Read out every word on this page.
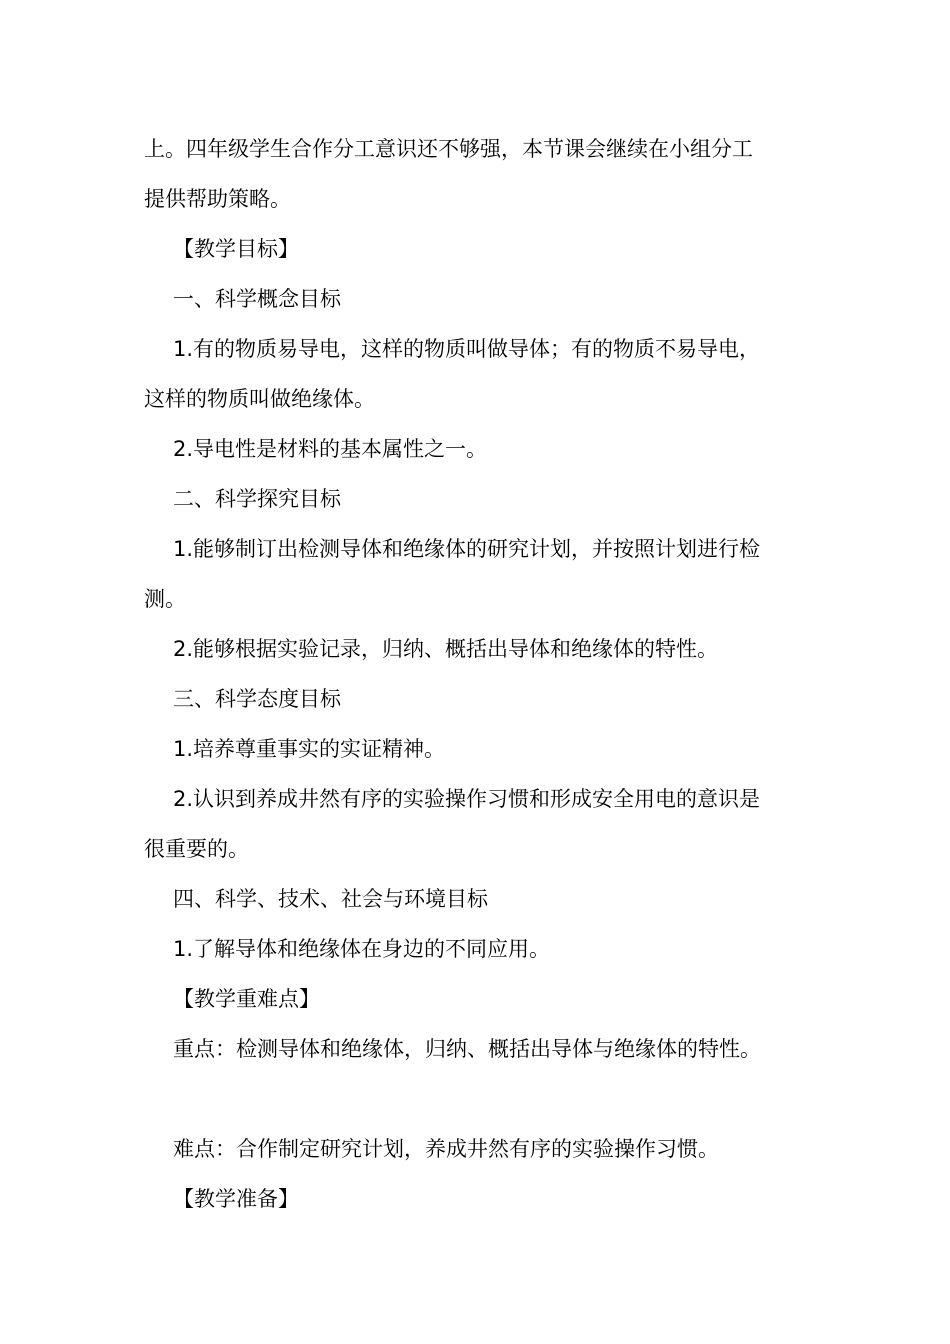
上。四年级学生合作分工意识还不够强，本节课会继续在小组分工
提供帮助策略。
【教学目标】
一、科学概念目标
1.有的物质易导电，这样的物质叫做导体；有的物质不易导电，
这样的物质叫做绝缘体。
2.导电性是材料的基本属性之一。
二、科学探究目标
1.能够制订出检测导体和绝缘体的研究计划，并按照计划进行检
测。
2.能够根据实验记录，归纳、概括出导体和绝缘体的特性。
三、科学态度目标
1.培养尊重事实的实证精神。
2.认识到养成井然有序的实验操作习惯和形成安全用电的意识是
很重要的。
四、科学、技术、社会与环境目标
1.了解导体和绝缘体在身边的不同应用。
【教学重难点】
重点：检测导体和绝缘体，归纳、概括出导体与绝缘体的特性。
难点：合作制定研究计划，养成井然有序的实验操作习惯。
【教学准备】
